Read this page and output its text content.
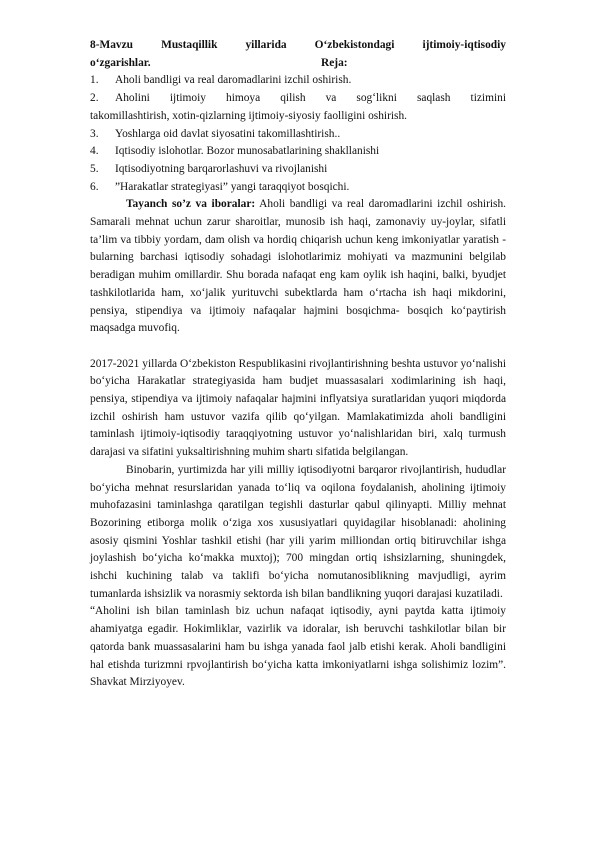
8-Mavzu Mustaqillik yillarida O‘zbekistondagi ijtimoiy-iqtisodiy
o‘zgarishlar.	Reja:
1.	Aholi bandligi va real daromadlarini izchil oshirish.
2.	Aholini ijtimoiy himoya qilish va sog‘likni saqlash tizimini
takomillashtirish, xotin-qizlarning ijtimoiy-siyosiy faolligini oshirish.
3.	Yoshlarga oid davlat siyosatini takomillashtirish..
4.	Iqtisodiy islohotlar. Bozor munosabatlarining shakllanishi
5.	Iqtisodiyotning barqarorlashuvi va rivojlanishi
6.	”Harakatlar strategiyasi” yangi taraqqiyot bosqichi.

Tayanch so’z va iboralar: Aholi bandligi va real daromadlarini izchil oshirish. Samarali mehnat uchun zarur sharoitlar, munosib ish haqi, zamonaviy uy-joylar, sifatli ta’lim va tibbiy yordam, dam olish va hordiq chiqarish uchun keng imkoniyatlar yaratish - bularning barchasi iqtisodiy sohadagi islohotlarimiz mohiyati va mazmunini belgilab beradigan muhim omillardir. Shu borada nafaqat eng kam oylik ish haqini, balki, byudjet tashkilotlarida ham, xo‘jalik yurituvchi subektlarda ham o‘rtacha ish haqi mikdorini, pensiya, stipendiya va ijtimoiy nafaqalar hajmini bosqichma- bosqich ko‘paytirish maqsadga muvofiq.

2017-2021 yillarda O‘zbekiston Respublikasini rivojlantirishning beshta ustuvor yo‘nalishi bo‘yicha Harakatlar strategiyasida ham budjet muassasalari xodimlarining ish haqi, pensiya, stipendiya va ijtimoiy nafaqalar hajmini inflyatsiya suratlaridan yuqori miqdorda izchil oshirish ham ustuvor vazifa qilib qo‘yilgan. Mamlakatimizda aholi bandligini taminlash ijtimoiy-iqtisodiy taraqqiyotning ustuvor yo‘nalishlaridan biri, xalq turmush darajasi va sifatini yuksaltirishning muhim shartı sifatida belgilangan.

Binobarin, yurtimizda har yili milliy iqtisodiyotni barqaror rivojlantirish, hududlar bo‘yicha mehnat resurslaridan yanada to‘liq va oqilona foydalanish, aholining ijtimoiy muhofazasini taminlashga qaratilgan tegishli dasturlar qabul qilinyapti. Milliy mehnat Bozorining etiborga molik o‘ziga xos xususiyatlari quyidagilar hisoblanadi: aholining asosiy qismini Yoshlar tashkil etishi (har yili yarim milliondan ortiq bitiruvchilar ishga joylashish bo‘yicha ko‘makka muxtoj); 700 mingdan ortiq ishsizlarning, shuningdek, ishchi kuchining talab va taklifi bo‘yicha nomutanosiblikning mavjudligi, ayrim tumanlarda ishsizlik va norasmiy sektorda ish bilan bandlikning yuqori darajasi kuzatiladi.

“Aholini ish bilan taminlash biz uchun nafaqat iqtisodiy, ayni paytda katta ijtimoiy ahamiyatga egadir. Hokimliklar, vazirlik va idoralar, ish beruvchi tashkilotlar bilan bir qatorda bank muassasalarini ham bu ishga yanada faol jalb etishi kerak. Aholi bandligini hal etishda turizmni rpvojlantirish bo‘yicha katta imkoniyatlarni ishga solishimiz lozim”. Shavkat Mirziyoyev.
